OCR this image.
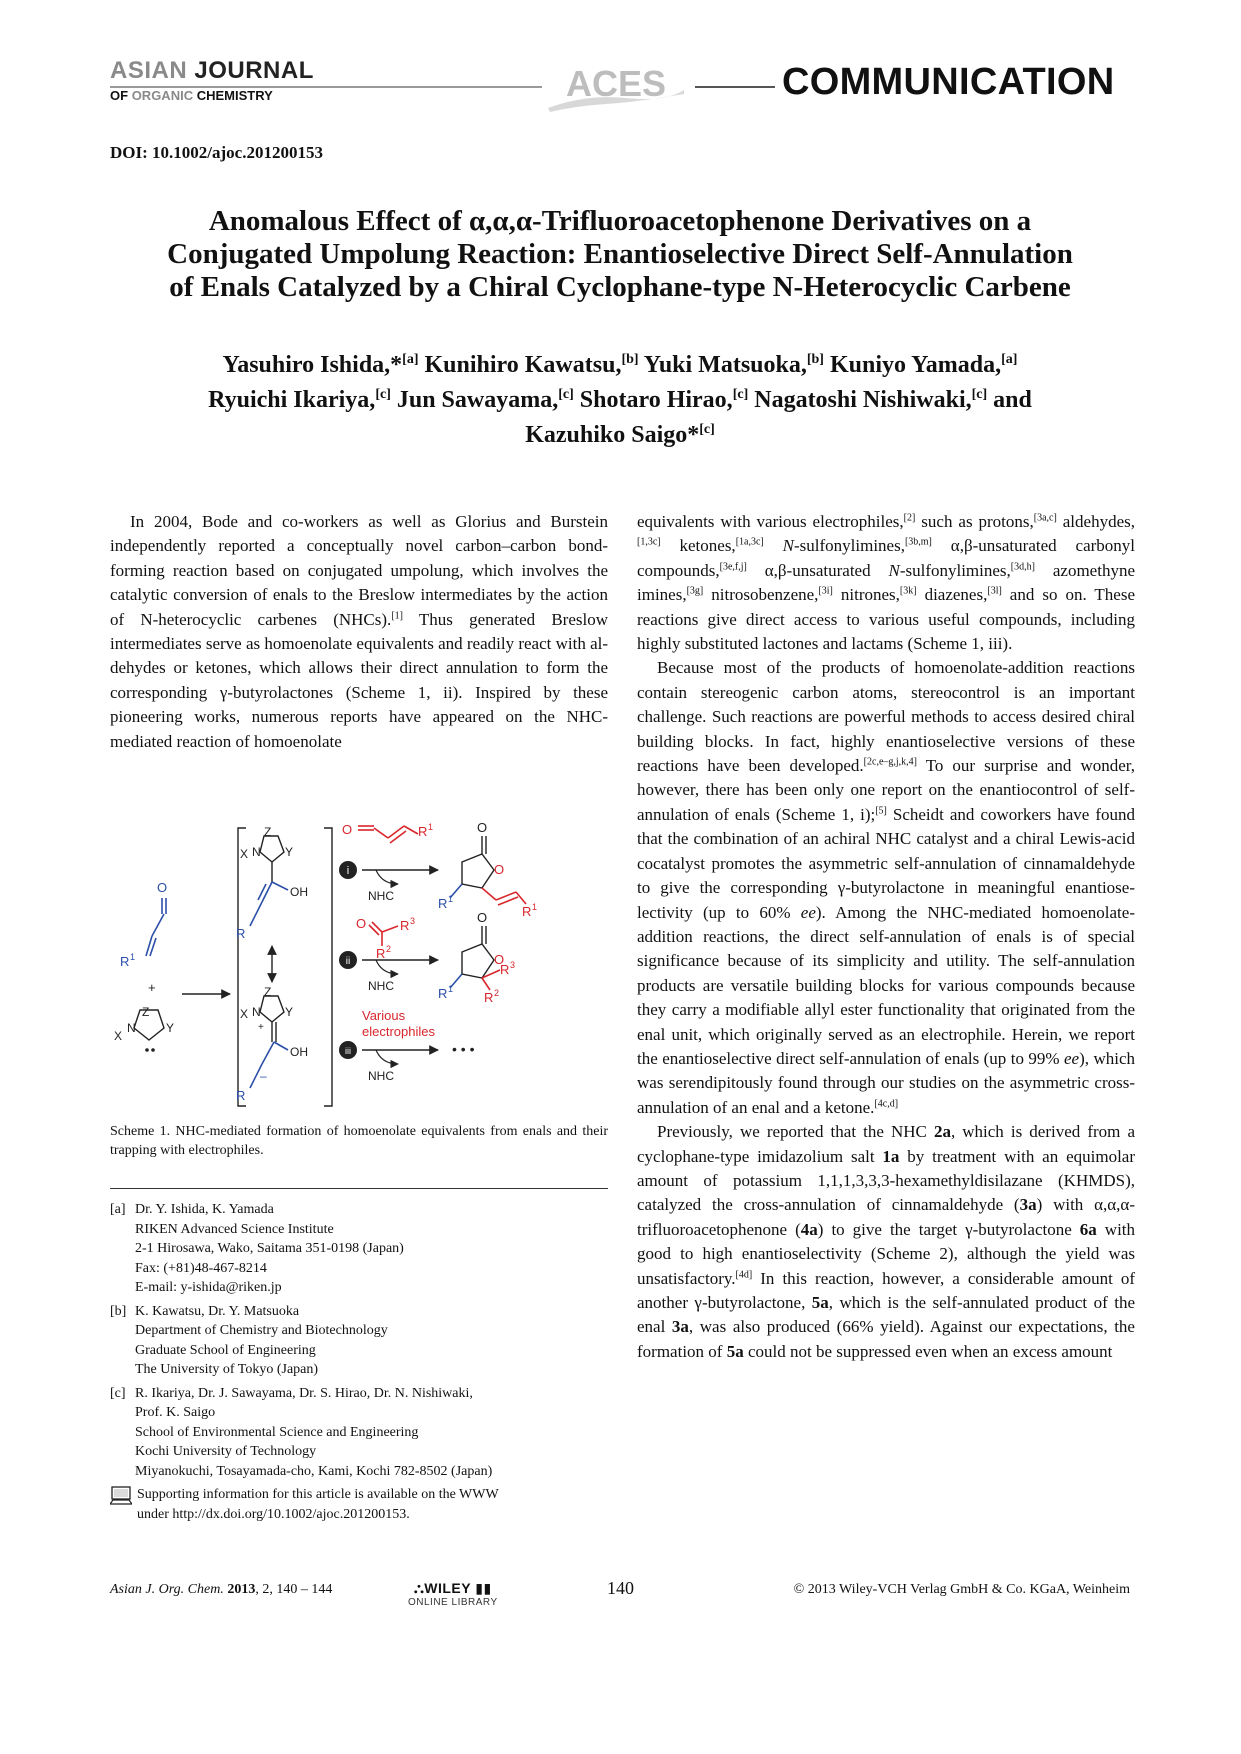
ASIAN JOURNAL
OF ORGANIC CHEMISTRY	ACES	COMMUNICATION
DOI: 10.1002/ajoc.201200153
Anomalous Effect of α,α,α-Trifluoroacetophenone Derivatives on a
Conjugated Umpolung Reaction: Enantioselective Direct Self-Annulation
of Enals Catalyzed by a Chiral Cyclophane-type N-Heterocyclic Carbene
Yasuhiro Ishida,*[a] Kunihiro Kawatsu,[b] Yuki Matsuoka,[b] Kuniyo Yamada,[a]
Ryuichi Ikariya,[c] Jun Sawayama,[c] Shotaro Hirao,[c] Nagatoshi Nishiwaki,[c] and
Kazuhiko Saigo*[c]

In 2004, Bode and co-workers as well as Glorius and Burstein independently reported a conceptually novel carbon–carbon bond-forming reaction based on conjugated umpolung, which involves the catalytic conversion of enals to the Breslow intermediates by the action of N-heterocyclic carbenes (NHCs).[1] Thus generated Breslow intermediates serve as homoenolate equivalents and readily react with aldehydes or ketones, which allows their direct annulation to form the corresponding γ-butyrolactones (Scheme 1, ii). Inspired by these pioneering works, numerous reports have appeared on the NHC-mediated reaction of homoenolate

O
R 1
+
Z
X
N	Y
Z
X N Y
OH
R
Z
X N
+
Y
OH
R
–
i
NHC
ii
NHC
iii
NHC
O	R 1	O
O
R 1
R 1
O	R 3
R 2
O
O
R 1
R 3
R 2
Various
electrophiles
• • •
Scheme 1. NHC-mediated formation of homoenolate equivalents from enals and their trapping with electrophiles.
[a] Dr. Y. Ishida, K. Yamada
RIKEN Advanced Science Institute
2-1 Hirosawa, Wako, Saitama 351-0198 (Japan)
Fax: (+81)48-467-8214
E-mail: y-ishida@riken.jp
[b] K. Kawatsu, Dr. Y. Matsuoka
Department of Chemistry and Biotechnology
Graduate School of Engineering
The University of Tokyo (Japan)
[c] R. Ikariya, Dr. J. Sawayama, Dr. S. Hirao, Dr. N. Nishiwaki,
Prof. K. Saigo
School of Environmental Science and Engineering
Kochi University of Technology
Miyanokuchi, Tosayamada-cho, Kami, Kochi 782-8502 (Japan)
Supporting information for this article is available on the WWW
under http://dx.doi.org/10.1002/ajoc.201200153.

equivalents with various electrophiles,[2] such as protons,[3a,c] aldehydes,[1,3c] ketones,[1a,3c] N-sulfonylimines,[3b,m] α,β-unsaturated carbonyl compounds,[3e,f,j] α,β-unsaturated N-sulfonylimines,[3d,h] azomethyne imines,[3g] nitrosobenzene,[3i] nitrones,[3k] diazenes,[3l] and so on. These reactions give direct access to various useful compounds, including highly substituted lactones and lactams (Scheme 1, iii).

Because most of the products of homoenolate-addition reactions contain stereogenic carbon atoms, stereocontrol is an important challenge. Such reactions are powerful methods to access desired chiral building blocks. In fact, highly enantioselective versions of these reactions have been developed.[2c,e–g,j,k,4] To our surprise and wonder, however, there has been only one report on the enantiocontrol of self-annulation of enals (Scheme 1, i);[5] Scheidt and coworkers have found that the combination of an achiral NHC catalyst and a chiral Lewis-acid cocatalyst promotes the asymmetric self-annulation of cinnamaldehyde to give the corresponding γ-butyrolactone in meaningful enantioselectivity (up to 60% ee). Among the NHC-mediated homoenolate-addition reactions, the direct self-annulation of enals is of special significance because of its simplicity and utility. The self-annulation products are versatile building blocks for various compounds because they carry a modifiable allyl ester functionality that originated from the enal unit, which originally served as an electrophile. Herein, we report the enantioselective direct self-annulation of enals (up to 99% ee), which was serendipitously found through our studies on the asymmetric cross-annulation of an enal and a ketone.[4c,d]

Previously, we reported that the NHC 2a, which is derived from a cyclophane-type imidazolium salt 1a by treatment with an equimolar amount of potassium 1,1,1,3,3,3-hexamethyldisilazane (KHMDS), catalyzed the cross-annulation of cinnamaldehyde (3a) with α,α,α-trifluoroacetophenone (4a) to give the target γ-butyrolactone 6a with good to high enantioselectivity (Scheme 2), although the yield was unsatisfactory.[4d] In this reaction, however, a considerable amount of another γ-butyrolactone, 5a, which is the self-annulated product of the enal 3a, was also produced (66% yield). Against our expectations, the formation of 5a could not be suppressed even when an excess amount

Asian J. Org. Chem. 2013, 2, 140 – 144	⛬WILEY ▮▮
ONLINE LIBRARY
140	© 2013 Wiley-VCH Verlag GmbH & Co. KGaA, Weinheim
